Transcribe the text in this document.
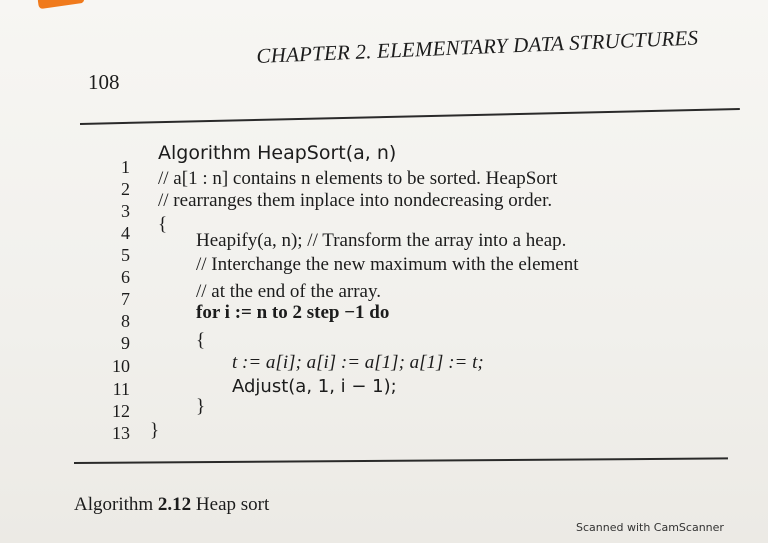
108
CHAPTER 2. ELEMENTARY DATA STRUCTURES
1
2
3
4
5
6
7
8
9
10
11
12
13
Algorithm HeapSort(a, n)
// a[1 : n] contains n elements to be sorted. HeapSort
// rearranges them inplace into nondecreasing order.
{
Heapify(a, n); // Transform the array into a heap.
// Interchange the new maximum with the element
// at the end of the array.
for i := n to 2 step −1 do
{
t := a[i]; a[i] := a[1]; a[1] := t;
Adjust(a, 1, i − 1);
}
}
Algorithm 2.12 Heap sort
Scanned with CamScanner
